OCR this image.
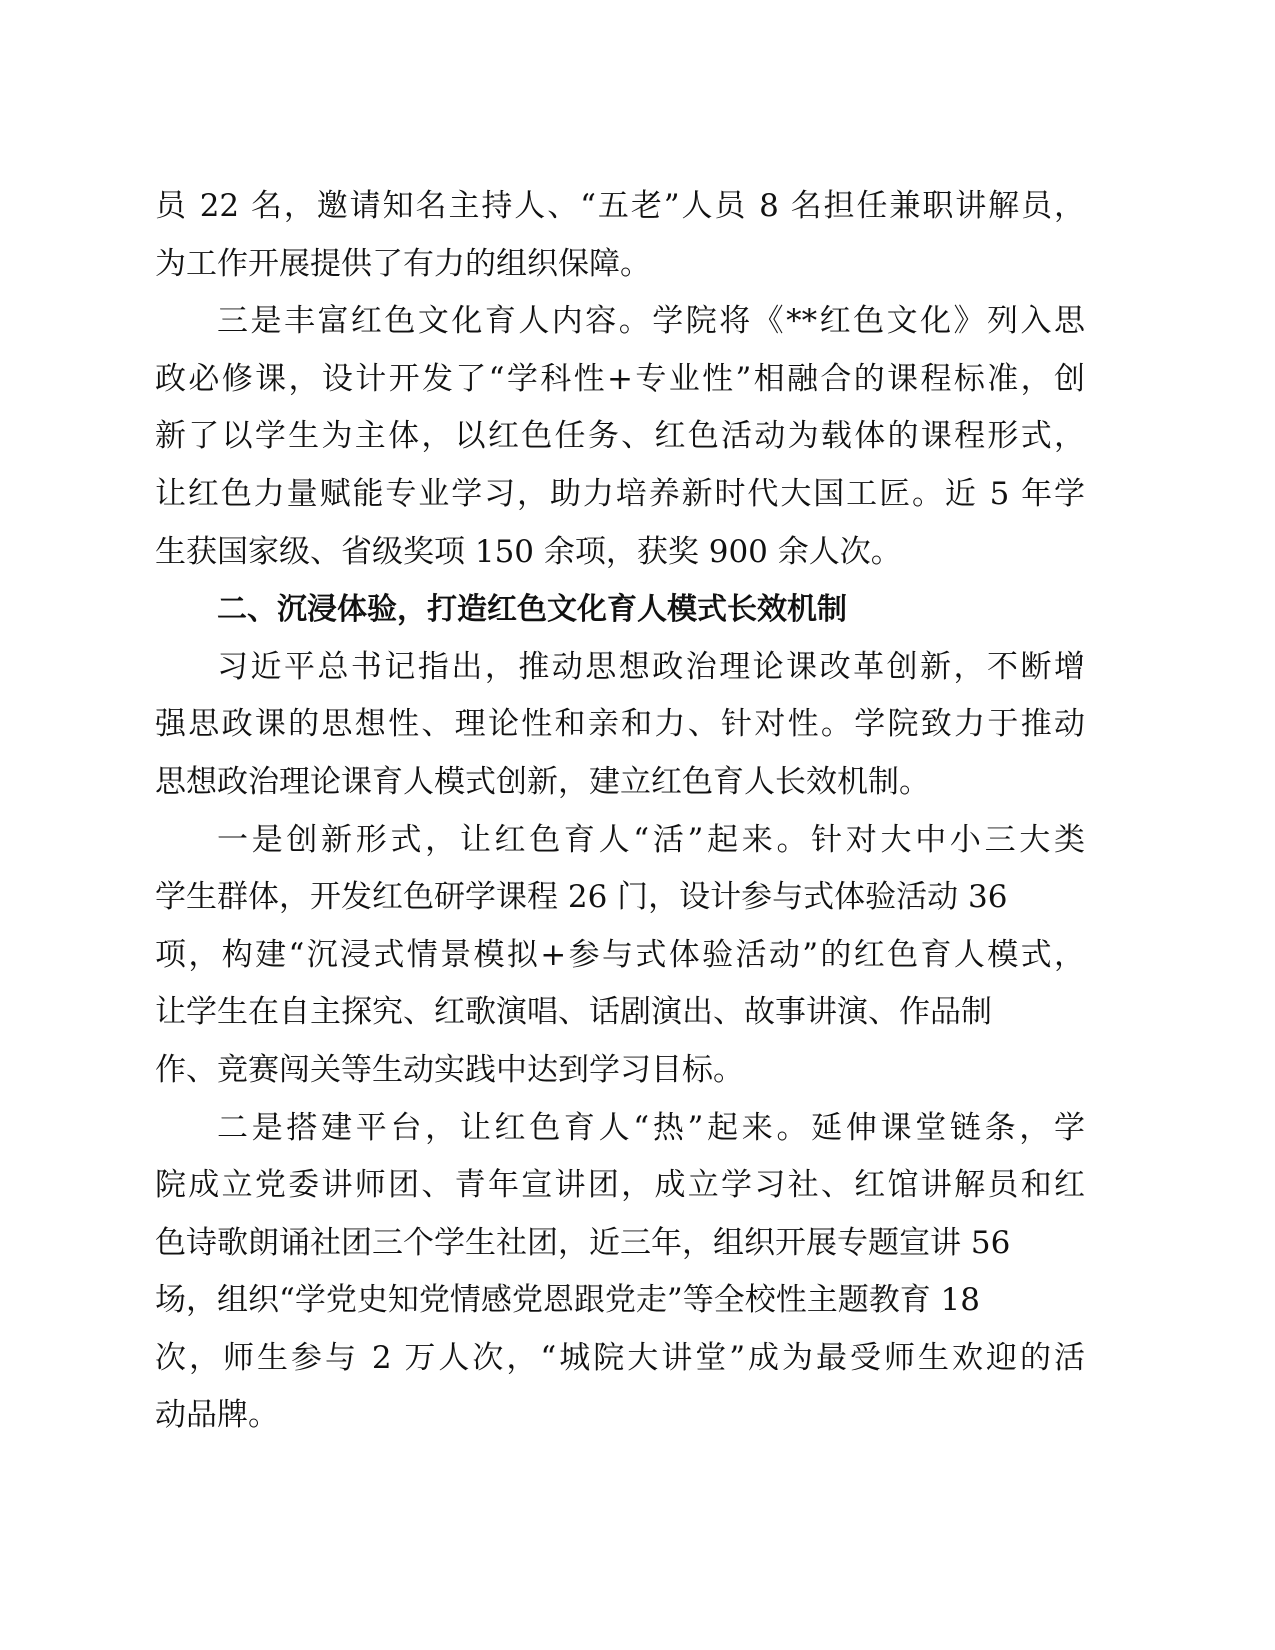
员 22 名，邀请知名主持人、“五老”人员 8 名担任兼职讲解员，
为工作开展提供了有力的组织保障。
三是丰富红色文化育人内容。学院将《**红色文化》列入思
政必修课，设计开发了“学科性+专业性”相融合的课程标准，创
新了以学生为主体，以红色任务、红色活动为载体的课程形式，
让红色力量赋能专业学习，助力培养新时代大国工匠。近 5 年学
生获国家级、省级奖项 150 余项，获奖 900 余人次。
二、沉浸体验，打造红色文化育人模式长效机制
习近平总书记指出，推动思想政治理论课改革创新，不断增
强思政课的思想性、理论性和亲和力、针对性。学院致力于推动
思想政治理论课育人模式创新，建立红色育人长效机制。
一是创新形式，让红色育人“活”起来。针对大中小三大类
学生群体，开发红色研学课程 26 门，设计参与式体验活动 36
项，构建“沉浸式情景模拟+参与式体验活动”的红色育人模式，
让学生在自主探究、红歌演唱、话剧演出、故事讲演、作品制
作、竞赛闯关等生动实践中达到学习目标。
二是搭建平台，让红色育人“热”起来。延伸课堂链条，学
院成立党委讲师团、青年宣讲团，成立学习社、红馆讲解员和红
色诗歌朗诵社团三个学生社团，近三年，组织开展专题宣讲 56
场，组织“学党史知党情感党恩跟党走”等全校性主题教育 18
次，师生参与 2 万人次，“城院大讲堂”成为最受师生欢迎的活
动品牌。
